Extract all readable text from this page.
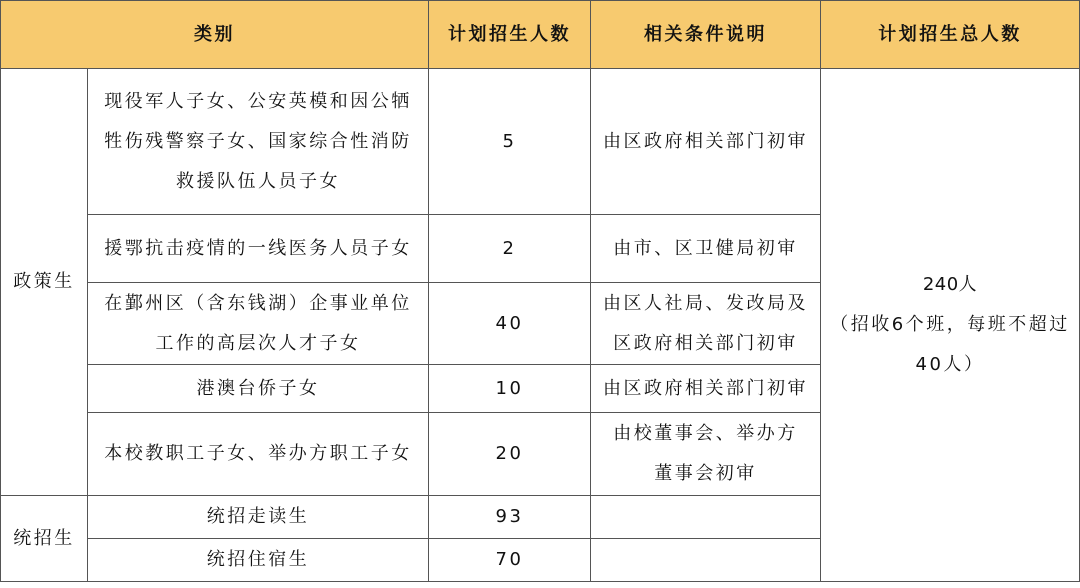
类别		计划招生人数	相关条件说明	计划招生总人数
政策生	现役军人子女、公安英模和因公牺牲伤残警察子女、国家综合性消防救援队伍人员子女	5	由区政府相关部门初审	240人
（招收6个班，每班不超过40人）

	援鄂抗击疫情的一线医务人员子女	2	由市、区卫健局初审	

	在鄞州区（含东钱湖）企事业单位工作的高层次人才子女	40	由区人社局、发改局及区政府相关部门初审	

	港澳台侨子女	10	由区政府相关部门初审	
	本校教职工子女、举办方职工子女	20	由校董事会、举办方董事会初审	

统招生	统招走读生	93		
	统招住宿生	70		
